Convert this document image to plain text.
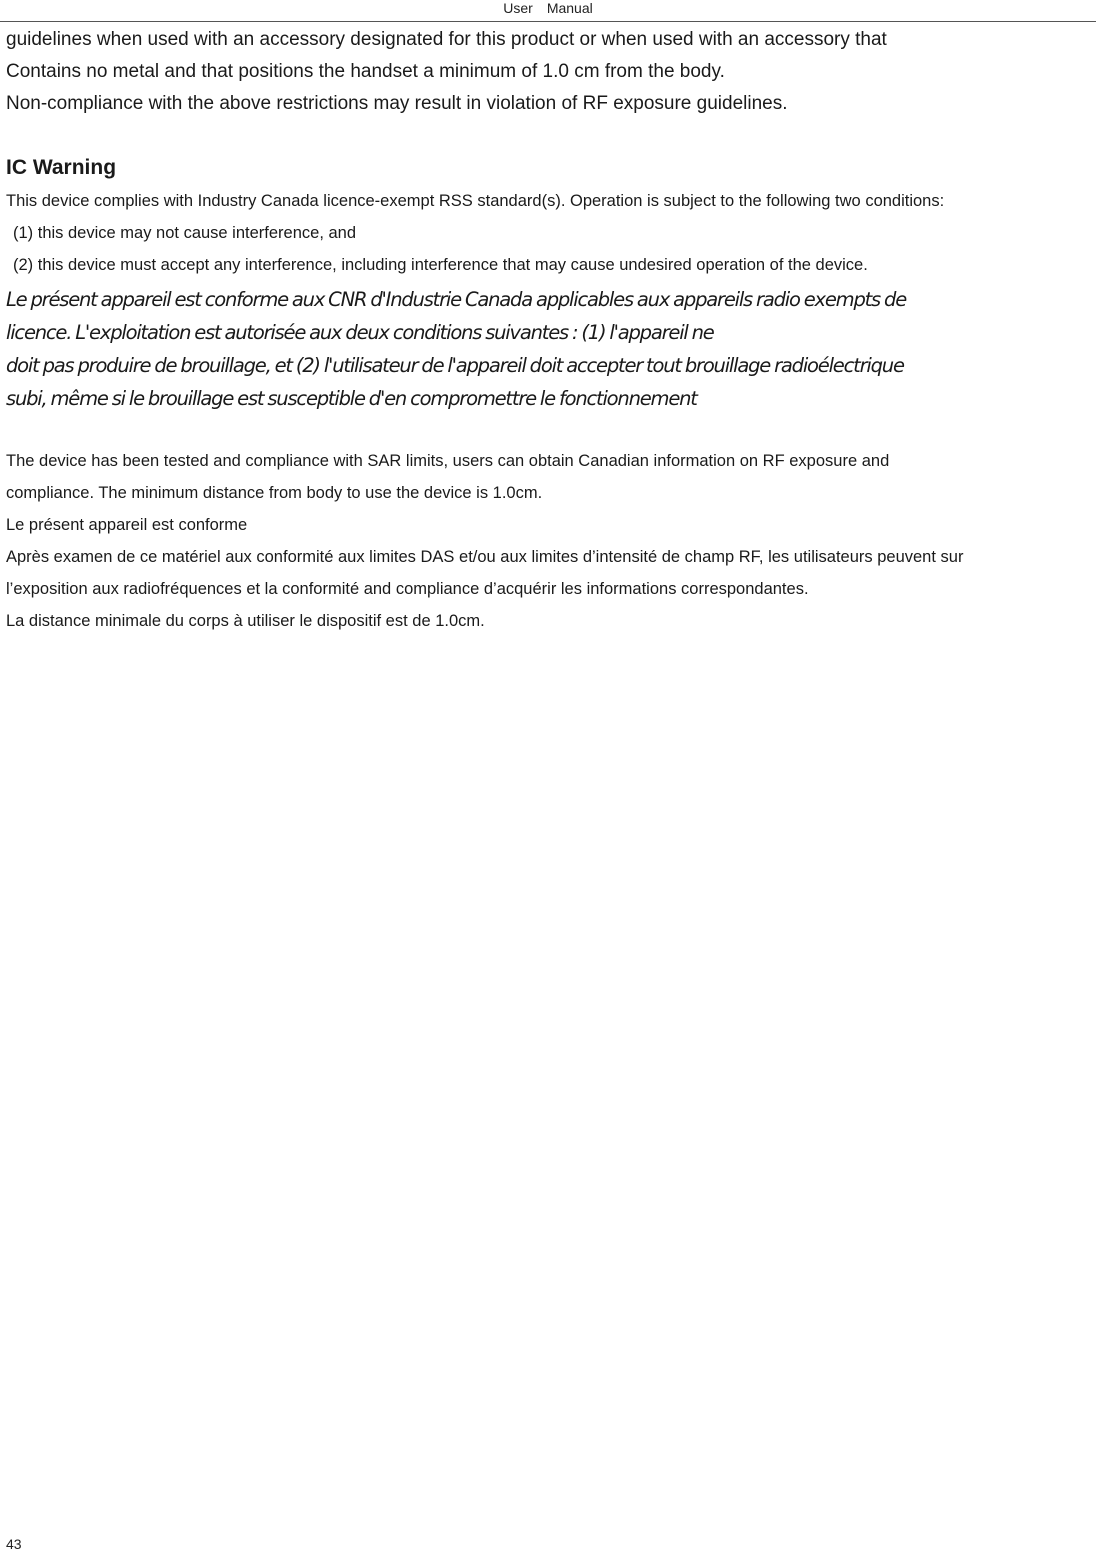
User Manual
guidelines when used with an accessory designated for this product or when used with an accessory that
Contains no metal and that positions the handset a minimum of 1.0 cm from the body.
Non-compliance with the above restrictions may result in violation of RF exposure guidelines.
IC Warning
This device complies with Industry Canada licence-exempt RSS standard(s). Operation is subject to the following two conditions:
(1) this device may not cause interference, and
(2) this device must accept any interference, including interference that may cause undesired operation of the device.
Le présent appareil est conforme aux CNR d'Industrie Canada applicables aux appareils radio exempts de
licence. L'exploitation est autorisée aux deux conditions suivantes : (1) l'appareil ne
doit pas produire de brouillage, et (2) l'utilisateur de l'appareil doit accepter tout brouillage radioélectrique
subi, même si le brouillage est susceptible d'en compromettre le fonctionnement
The device has been tested and compliance with SAR limits, users can obtain Canadian information on RF exposure and
compliance. The minimum distance from body to use the device is 1.0cm.
Le présent appareil est conforme
Après examen de ce matériel aux conformité aux limites DAS et/ou aux limites d’intensité de champ RF, les utilisateurs peuvent sur
l’exposition aux radiofréquences et la conformité and compliance d’acquérir les informations correspondantes.
La distance minimale du corps à utiliser le dispositif est de 1.0cm.
43
